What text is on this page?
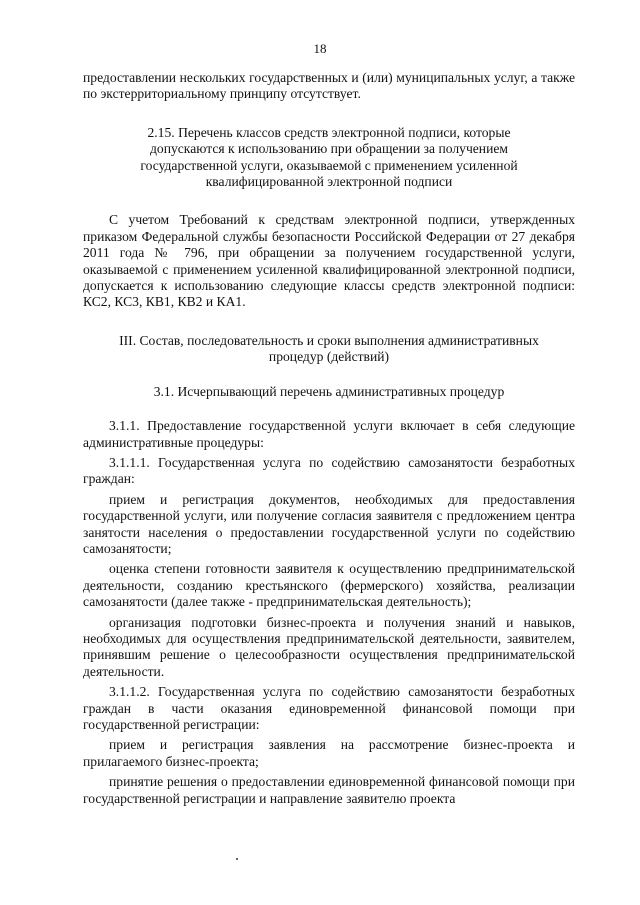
18

предоставлении нескольких государственных и (или) муниципальных услуг, а также по экстерриториальному принципу отсутствует.

2.15. Перечень классов средств электронной подписи, которые допускаются к использованию при обращении за получением государственной услуги, оказываемой с применением усиленной квалифицированной электронной подписи

С учетом Требований к средствам электронной подписи, утвержденных приказом Федеральной службы безопасности Российской Федерации от 27 декабря 2011 года № 796, при обращении за получением государственной услуги, оказываемой с применением усиленной квалифицированной электронной подписи, допускается к использованию следующие классы средств электронной подписи: КС2, КС3, КВ1, КВ2 и КА1.

III. Состав, последовательность и сроки выполнения административных процедур (действий)

3.1. Исчерпывающий перечень административных процедур

3.1.1. Предоставление государственной услуги включает в себя следующие административные процедуры:

3.1.1.1. Государственная услуга по содействию самозанятости безработных граждан:

прием и регистрация документов, необходимых для предоставления государственной услуги, или получение согласия заявителя с предложением центра занятости населения о предоставлении государственной услуги по содействию самозанятости;

оценка степени готовности заявителя к осуществлению предпринимательской деятельности, созданию крестьянского (фермерского) хозяйства, реализации самозанятости (далее также - предпринимательская деятельность);

организация подготовки бизнес-проекта и получения знаний и навыков, необходимых для осуществления предпринимательской деятельности, заявителем, принявшим решение о целесообразности осуществления предпринимательской деятельности.

3.1.1.2. Государственная услуга по содействию самозанятости безработных граждан в части оказания единовременной финансовой помощи при государственной регистрации:

прием и регистрация заявления на рассмотрение бизнес-проекта и прилагаемого бизнес-проекта;

принятие решения о предоставлении единовременной финансовой помощи при государственной регистрации и направление заявителю проекта
